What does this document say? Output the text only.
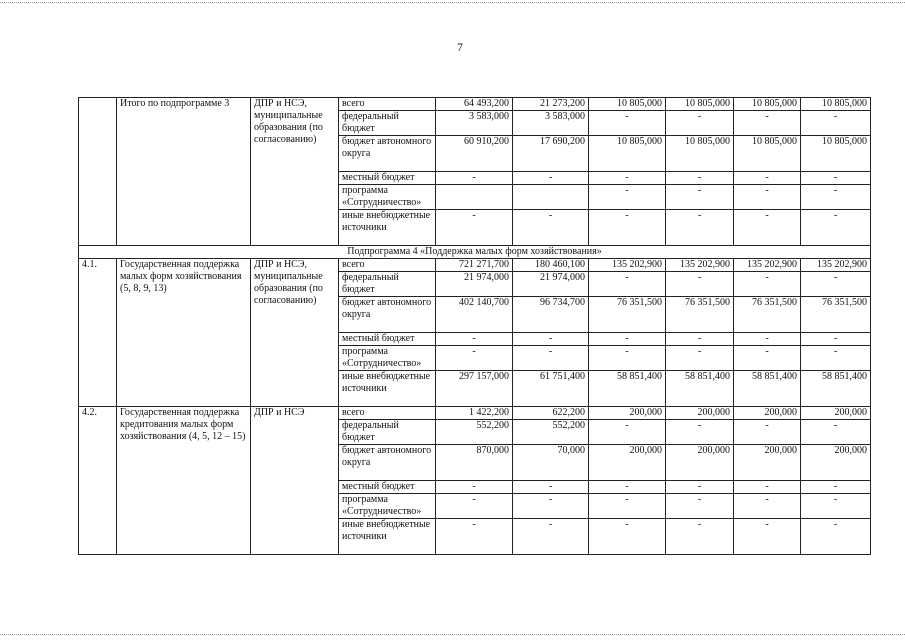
7
	Итого по подпрограмме 3	ДПР и НСЭ, муниципальные образования (по согласованию)	всего	64 493,200	21 273,200	10 805,000	10 805,000	10 805,000	10 805,000
			федеральный бюджет	3 583,000	3 583,000	-	-	-	-
			бюджет автономного округа	60 910,200	17 690,200	10 805,000	10 805,000	10 805,000	10 805,000
			местный бюджет	-	-	-	-	-	-
			программа «Сотрудничество»			-	-	-	-
			иные внебюджетные источники	-	-	-	-	-	-
Подпрограмма 4 «Поддержка малых форм хозяйствования»									
4.1.	Государственная поддержка малых форм хозяйствования (5, 8, 9, 13)	ДПР и НСЭ, муниципальные образования (по согласованию)	всего	721 271,700	180 460,100	135 202,900	135 202,900	135 202,900	135 202,900
			федеральный бюджет	21 974,000	21 974,000	-	-	-	-
			бюджет автономного округа	402 140,700	96 734,700	76 351,500	76 351,500	76 351,500	76 351,500
			местный бюджет	-	-	-	-	-	-
			программа «Сотрудничество»	-	-	-	-	-	-
			иные внебюджетные источники	297 157,000	61 751,400	58 851,400	58 851,400	58 851,400	58 851,400
4.2.	Государственная поддержка кредитования малых форм хозяйствования (4, 5, 12 – 15)	ДПР и НСЭ	всего	1 422,200	622,200	200,000	200,000	200,000	200,000
			федеральный бюджет	552,200	552,200	-	-	-	-
			бюджет автономного округа	870,000	70,000	200,000	200,000	200,000	200,000
			местный бюджет	-	-	-	-	-	-
			программа «Сотрудничество»	-	-	-	-	-	-
			иные внебюджетные источники	-	-	-	-	-	-
